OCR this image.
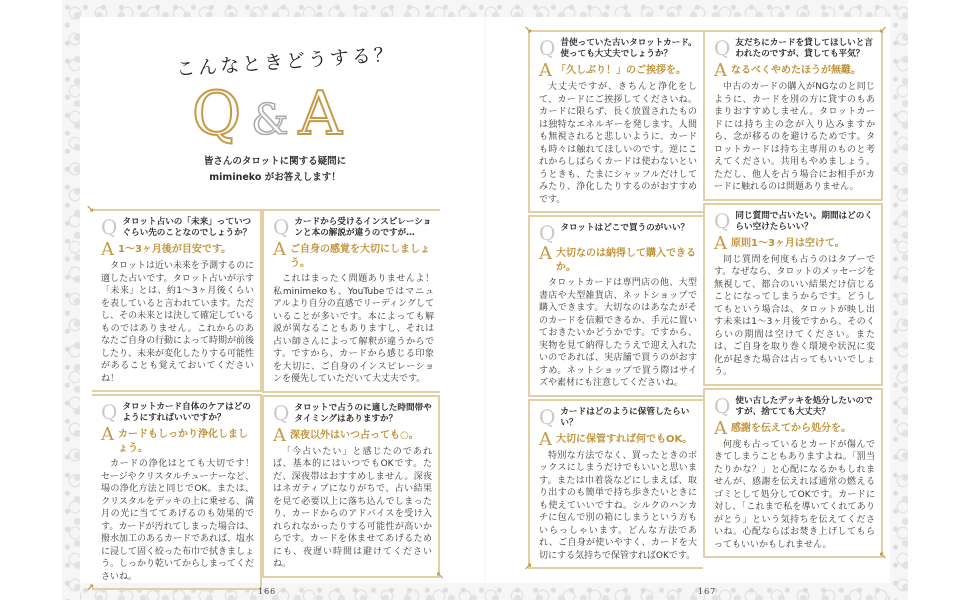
こんなときどうする？
Q & A
皆さんのタロットに関する疑問に
mimineko がお答えします！
Q タロット占いの「未来」っていつぐらい先のことなのでしょうか？
A 1〜3ヶ月後が目安です。
タロットは近い未来を予測するのに適した占いです。タロット占いが示す「未来」とは、約1〜3ヶ月後くらいを表していると言われています。ただし、その未来とは決して確定しているものではありません。これからのあなたご自身の行動によって時期が前後したり、未来が変化したりする可能性があることも覚えておいてくださいね！
↘
Q タロットカード自体のケアはどのようにすればいいですか？
A カードもしっかり浄化しましょう。
カードの浄化はとても大切です！セージやクリスタルチューナーなど、場の浄化方法と同じでOK。または、クリスタルをデッキの上に乗せる、満月の光に当ててあげるのも効果的です。カードが汚れてしまった場合は、撥水加工のあるカードであれば、塩水に浸して固く絞った布巾で拭きましょう。しっかり乾いてからしまってくださいね。
↗
Q カードから受けるインスピレーションと本の解説が違うのですが…
A ご自身の感覚を大切にしましょう。
これはまったく問題ありませんよ！私minimekoも、YouTubeではマニュアルより自分の直感でリーディングしていることが多いです。本によっても解説が異なることもありますし、それは占い師さんによって解釈が違うからです。ですから、カードから感じる印象を大切に、ご自身のインスピレーションを優先していただいて大丈夫です。
Q タロットで占うのに適した時間帯やタイミングはありますか？
A 深夜以外はいつ占っても○。
「今占いたい」と感じたのであれば、基本的にはいつでもOKです。ただ、深夜帯はおすすめしません。深夜はネガティブになりがちで、占い結果を見て必要以上に落ち込んでしまったり、カードからのアドバイスを受け入れられなかったりする可能性が高いからです。カードを休ませてあげるためにも、夜遅い時間は避けてくださいね。
↖
Q 昔使っていた古いタロットカード。使っても大丈夫でしょうか？
A 「久しぶり！」のご挨拶を。
大丈夫ですが、きちんと浄化をして、カードにご挨拶してくださいね。カードに限らず、長く放置されたものは独特なエネルギーを発します。人間も無視されると悲しいように、カードも時々は触れてほしいのです。逆にこれからしばらくカードは使わないというときも、たまにシャッフルだけしてみたり、浄化したりするのがおすすめです。
↘
Q タロットはどこで買うのがいい？
A 大切なのは納得して購入できるか。
タロットカードは専門店の他、大型書店や大型雑貨店、ネットショップで購入できます。大切なのはあなたがそのカードを信頼できるか、手元に置いておきたいかどうかです。ですから、実物を見て納得したうえで迎え入れたいのであれば、実店舗で買うのがおすすめ。ネットショップで買う際はサイズや素材にも注意してくださいね。
Q カードはどのように保管したらいい？
A 大切に保管すれば何でもOK。
特別な方法でなく、買ったときのボックスにしまうだけでもいいと思います。または巾着袋などにしまえば、取り出すのも簡単で持ち歩きたいときにも使えていいですね。シルクのハンカチに包んで別の箱にしまうという方もいらっしゃいます。どんな方法であれ、ご自身が使いやすく、カードを大切にする気持ちで保管すればOKです。
↗
Q 友だちにカードを貸してほしいと言われたのですが、貸しても平気？
A なるべくやめたほうが無難。
中古のカードの購入がNGなのと同じように、カードを別の方に貸すのもあまりおすすめしません。タロットカードには持ち主の念が入り込みますから、念が移るのを避けるためです。タロットカードは持ち主専用のものと考えてください。共用もやめましょう。ただし、他人を占う場合にお相手がカードに触れるのは問題ありません。
↙
Q 同じ質問で占いたい。期間はどのくらい空けたらいい？
A 原則1〜3ヶ月は空けて。
同じ質問を何度も占うのはタブーです。なぜなら、タロットのメッセージを無視して、都合のいい結果だけ信じることになってしまうからです。どうしてもという場合は、タロットが映し出す未来は1〜3ヶ月後ですから、そのくらいの期間は空けてください。または、ご自身を取り巻く環境や状況に変化が起きた場合は占ってもいいでしょう。
Q 使い古したデッキを処分したいのですが、捨てても大丈夫？
A 感謝を伝えてから処分を。
何度も占っているとカードが傷んできてしまうこともありますよね。「罰当たりかな？」と心配になるかもしれませんが、感謝を伝えれば通常の燃えるゴミとして処分してOKです。カードに対し、「これまで私を導いてくれてありがとう」という気持ちを伝えてくださいね。心配ならばお焚き上げしてもらってもいいかもしれません。
↖
166	167
